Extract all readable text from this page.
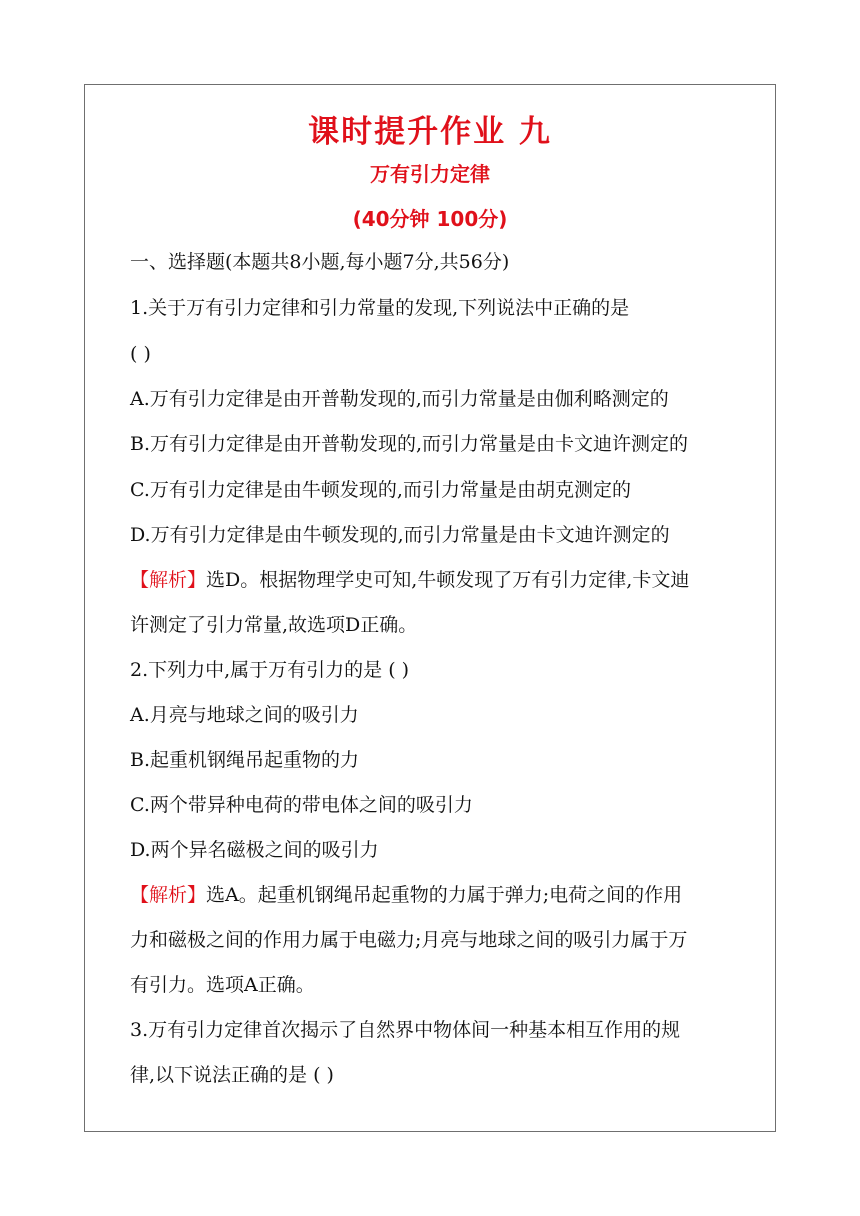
课时提升作业 九
万有引力定律
(40分钟 100分)
一、选择题(本题共8小题,每小题7分,共56分)
1.关于万有引力定律和引力常量的发现,下列说法中正确的是
( )
A.万有引力定律是由开普勒发现的,而引力常量是由伽利略测定的
B.万有引力定律是由开普勒发现的,而引力常量是由卡文迪许测定的
C.万有引力定律是由牛顿发现的,而引力常量是由胡克测定的
D.万有引力定律是由牛顿发现的,而引力常量是由卡文迪许测定的
【解析】选D。根据物理学史可知,牛顿发现了万有引力定律,卡文迪
许测定了引力常量,故选项D正确。
2.下列力中,属于万有引力的是 ( )
A.月亮与地球之间的吸引力
B.起重机钢绳吊起重物的力
C.两个带异种电荷的带电体之间的吸引力
D.两个异名磁极之间的吸引力
【解析】选A。起重机钢绳吊起重物的力属于弹力;电荷之间的作用
力和磁极之间的作用力属于电磁力;月亮与地球之间的吸引力属于万
有引力。选项A正确。
3.万有引力定律首次揭示了自然界中物体间一种基本相互作用的规
律,以下说法正确的是 ( )
